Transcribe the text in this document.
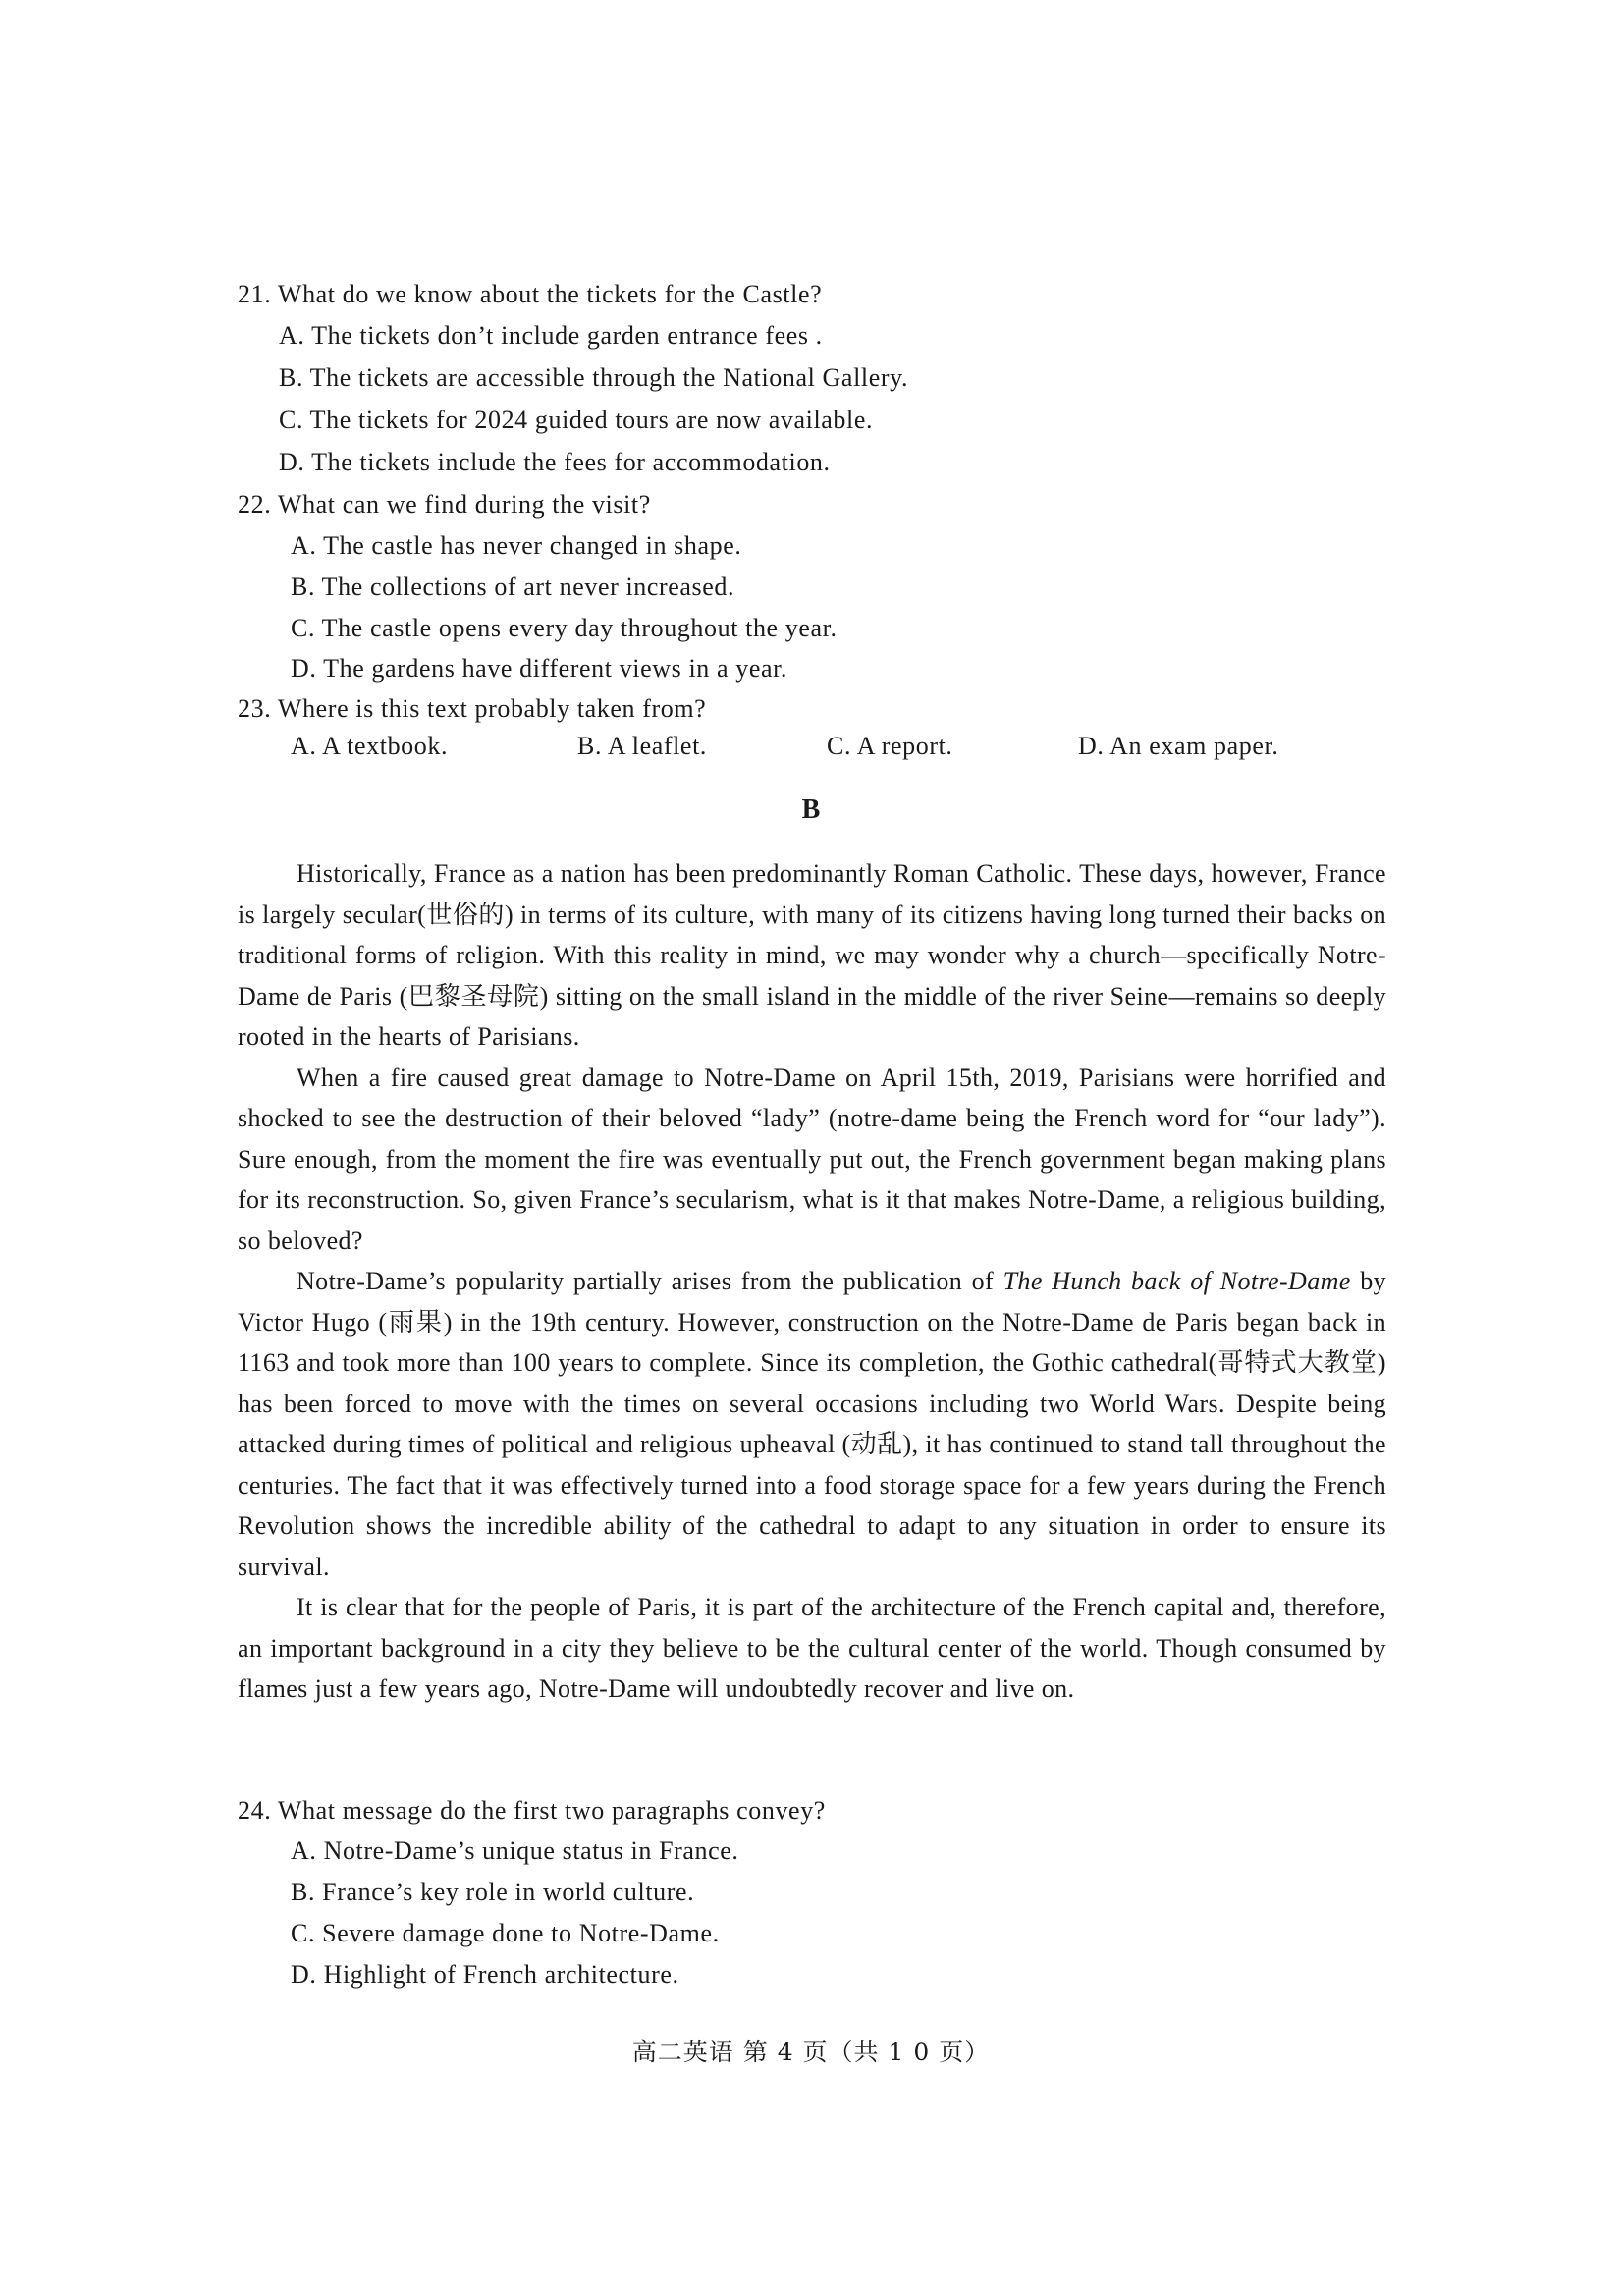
21. What do we know about the tickets for the Castle?
A. The tickets don’t include garden entrance fees .
B. The tickets are accessible through the National Gallery.
C. The tickets for 2024 guided tours are now available.
D. The tickets include the fees for accommodation.
22. What can we find during the visit?
A. The castle has never changed in shape.
B. The collections of art never increased.
C. The castle opens every day throughout the year.
D. The gardens have different views in a year.
23. Where is this text probably taken from?
A. A textbook.	B. A leaflet.	C. A report.	D. An exam paper.
B

Historically, France as a nation has been predominantly Roman Catholic. These days, however, France is largely secular(世俗的) in terms of its culture, with many of its citizens having long turned their backs on traditional forms of religion. With this reality in mind, we may wonder why a church—specifically Notre-Dame de Paris (巴黎圣母院) sitting on the small island in the middle of the river Seine—remains so deeply rooted in the hearts of Parisians.

When a fire caused great damage to Notre-Dame on April 15th, 2019, Parisians were horrified and shocked to see the destruction of their beloved “lady” (notre-dame being the French word for “our lady”). Sure enough, from the moment the fire was eventually put out, the French government began making plans for its reconstruction. So, given France’s secularism, what is it that makes Notre-Dame, a religious building, so beloved?

Notre-Dame’s popularity partially arises from the publication of The Hunch back of Notre-Dame by Victor Hugo (雨果) in the 19th century. However, construction on the Notre-Dame de Paris began back in 1163 and took more than 100 years to complete. Since its completion, the Gothic cathedral(哥特式大教堂) has been forced to move with the times on several occasions including two World Wars. Despite being attacked during times of political and religious upheaval (动乱), it has continued to stand tall throughout the centuries. The fact that it was effectively turned into a food storage space for a few years during the French Revolution shows the incredible ability of the cathedral to adapt to any situation in order to ensure its survival.

It is clear that for the people of Paris, it is part of the architecture of the French capital and, therefore, an important background in a city they believe to be the cultural center of the world. Though consumed by flames just a few years ago, Notre-Dame will undoubtedly recover and live on.

24. What message do the first two paragraphs convey?
A. Notre-Dame’s unique status in France.
B. France’s key role in world culture.
C. Severe damage done to Notre-Dame.
D. Highlight of French architecture.
高二英语 第 4 页（共 1 0 页）
